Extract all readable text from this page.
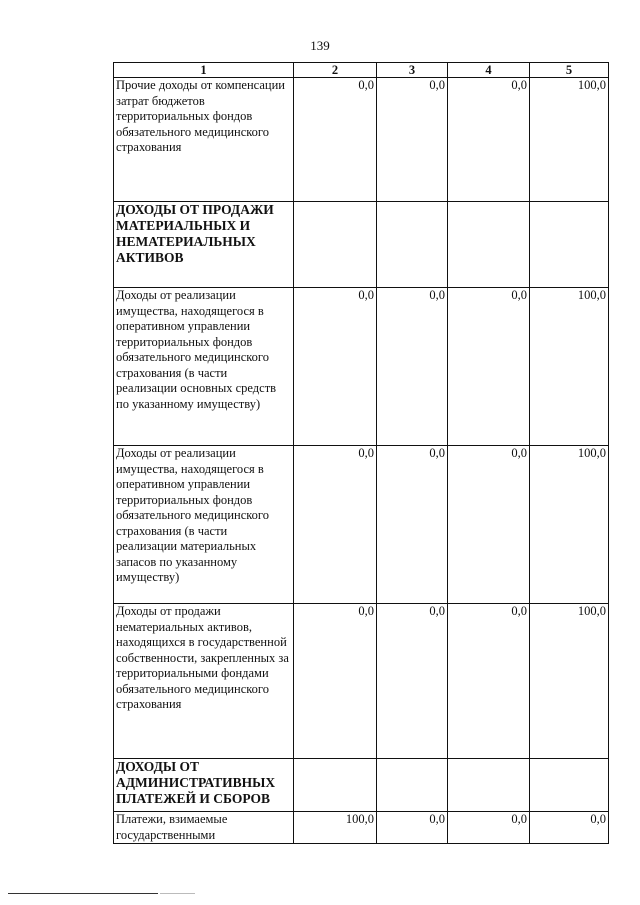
139
1	2	3	4	5
Прочие доходы от компенсации затрат бюджетов территориальных фондов обязательного медицинского страхования	0,0	0,0	0,0	100,0
ДОХОДЫ ОТ ПРОДАЖИ МАТЕРИАЛЬНЫХ И НЕМАТЕРИАЛЬНЫХ АКТИВОВ				
Доходы от реализации имущества, находящегося в оперативном управлении территориальных фондов обязательного медицинского страхования (в части реализации основных средств по указанному имуществу)	0,0	0,0	0,0	100,0
Доходы от реализации имущества, находящегося в оперативном управлении территориальных фондов обязательного медицинского страхования (в части реализации материальных запасов по указанному имуществу)	0,0	0,0	0,0	100,0
Доходы от продажи нематериальных активов, находящихся в государственной собственности, закрепленных за территориальными фондами обязательного медицинского страхования	0,0	0,0	0,0	100,0
ДОХОДЫ ОТ АДМИНИСТРАТИВНЫХ ПЛАТЕЖЕЙ И СБОРОВ				
Платежи, взимаемые государственными	100,0	0,0	0,0	0,0
